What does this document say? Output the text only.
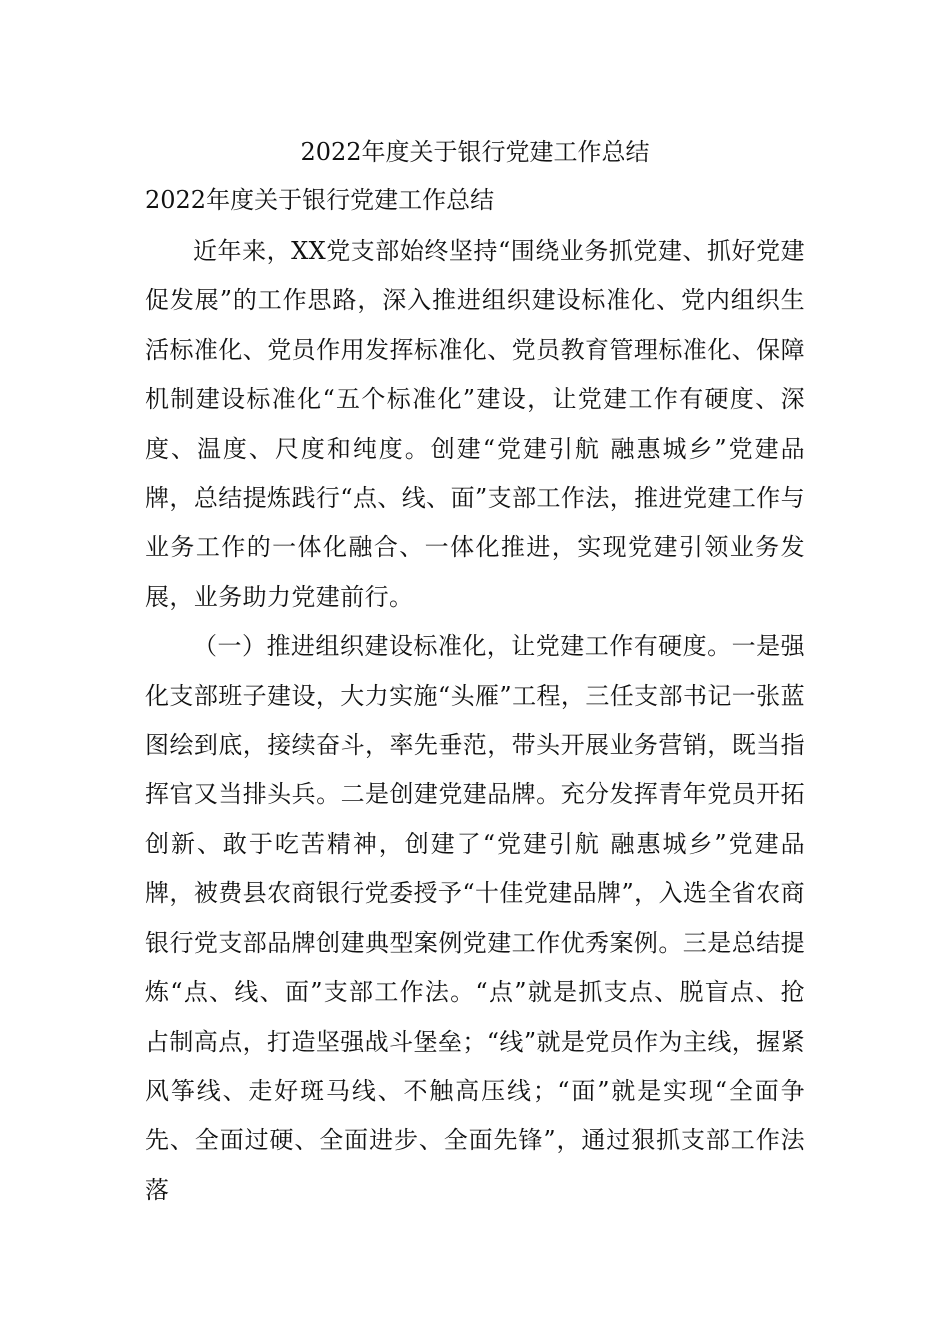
2022年度关于银行党建工作总结
2022年度关于银行党建工作总结

近年来，XX党支部始终坚持“围绕业务抓党建、抓好党建促发展”的工作思路，深入推进组织建设标准化、党内组织生活标准化、党员作用发挥标准化、党员教育管理标准化、保障机制建设标准化“五个标准化”建设，让党建工作有硬度、深度、温度、尺度和纯度。创建“党建引航 融惠城乡”党建品牌，总结提炼践行“点、线、面”支部工作法，推进党建工作与业务工作的一体化融合、一体化推进，实现党建引领业务发展，业务助力党建前行。

（一）推进组织建设标准化，让党建工作有硬度。一是强化支部班子建设，大力实施“头雁”工程，三任支部书记一张蓝图绘到底，接续奋斗，率先垂范，带头开展业务营销，既当指挥官又当排头兵。二是创建党建品牌。充分发挥青年党员开拓创新、敢于吃苦精神，创建了“党建引航 融惠城乡”党建品牌，被费县农商银行党委授予“十佳党建品牌”，入选全省农商银行党支部品牌创建典型案例党建工作优秀案例。三是总结提炼“点、线、面”支部工作法。“点”就是抓支点、脱盲点、抢占制高点，打造坚强战斗堡垒；“线”就是党员作为主线，握紧风筝线、走好斑马线、不触高压线；“面”就是实现“全面争先、全面过硬、全面进步、全面先锋”，通过狠抓支部工作法落
